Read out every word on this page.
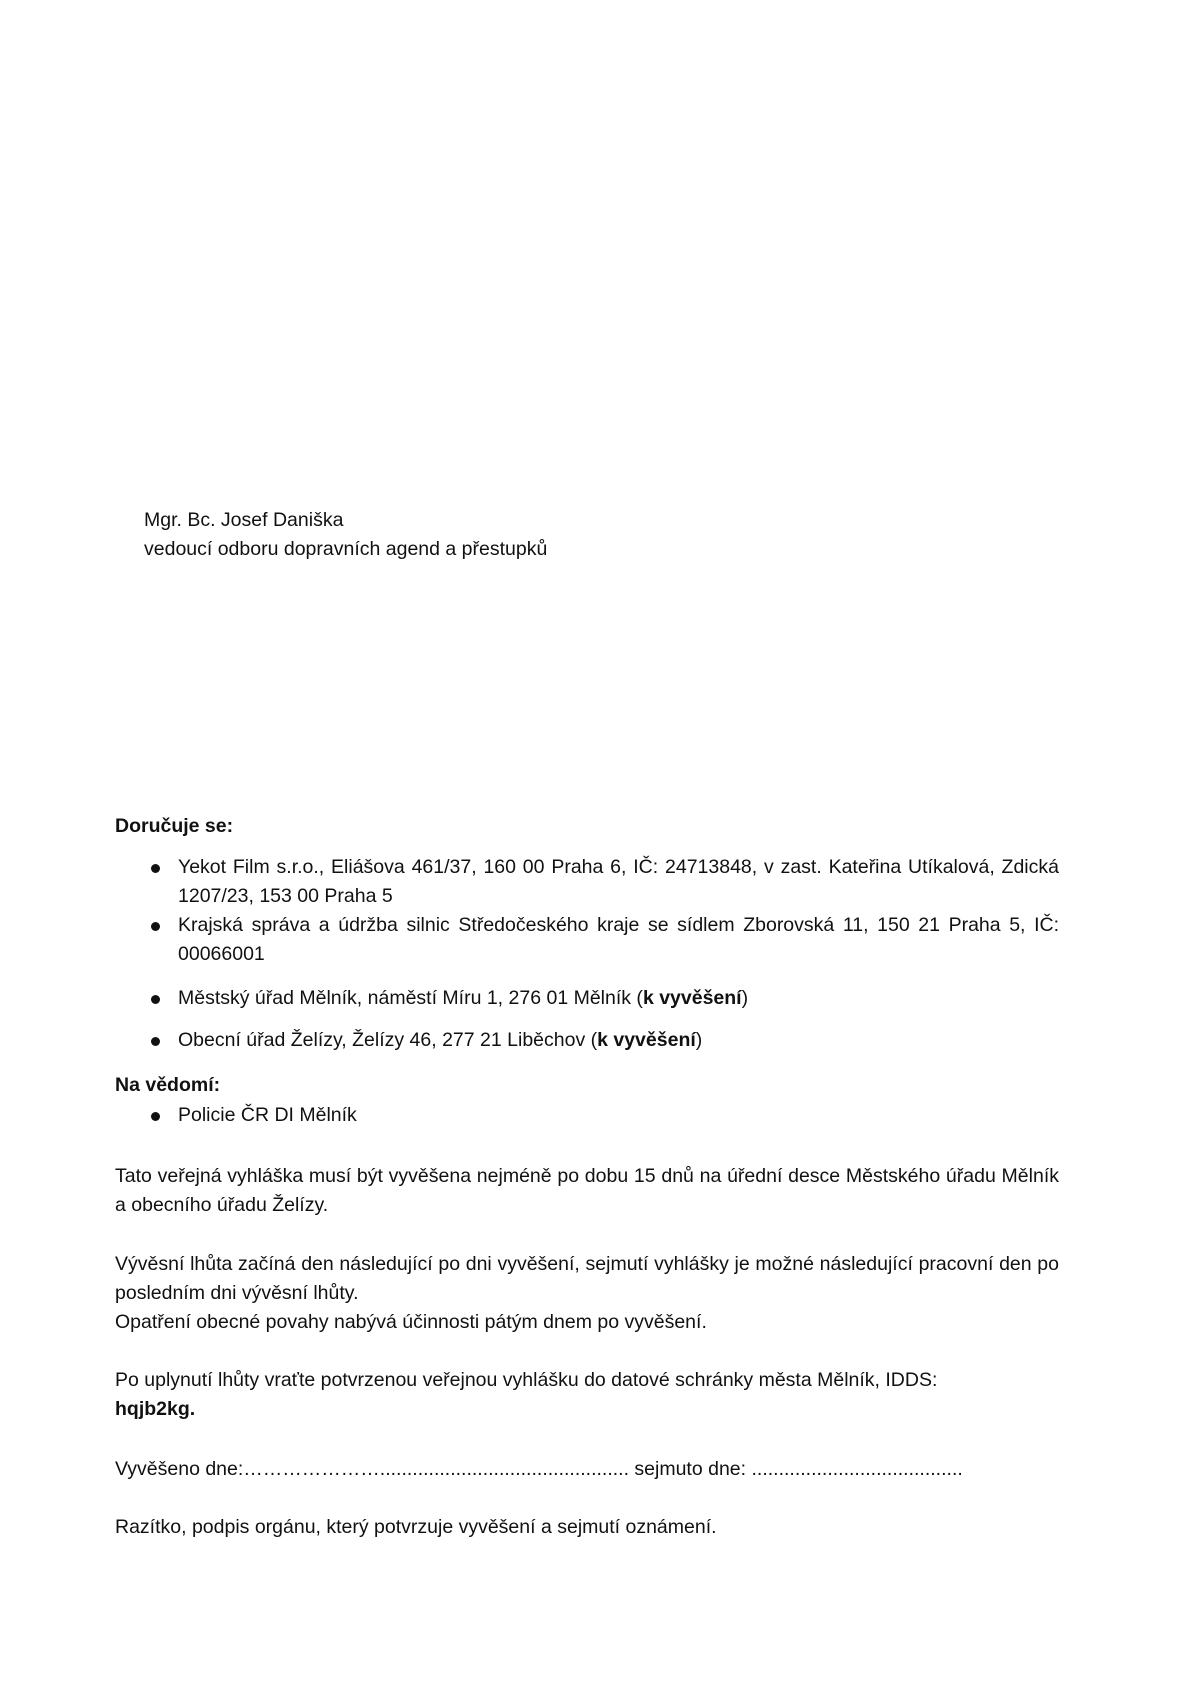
Mgr. Bc. Josef Daniška
vedoucí odboru dopravních agend a přestupků
Doručuje se:
Yekot Film s.r.o., Eliášova 461/37, 160 00 Praha 6, IČ: 24713848, v zast. Kateřina Utíkalová, Zdická 1207/23, 153 00 Praha 5
Krajská správa a údržba silnic Středočeského kraje se sídlem Zborovská 11, 150 21 Praha 5, IČ: 00066001
Městský úřad Mělník, náměstí Míru 1, 276 01 Mělník (k vyvěšení)
Obecní úřad Želízy, Želízy 46, 277 21 Liběchov (k vyvěšení)
Na vědomí:
Policie ČR DI Mělník
Tato veřejná vyhláška musí být vyvěšena nejméně po dobu 15 dnů na úřední desce Městského úřadu Mělník a obecního úřadu Želízy.
Vývěsní lhůta začíná den následující po dni vyvěšení, sejmutí vyhlášky je možné následující pracovní den po posledním dni vývěsní lhůty.
Opatření obecné povahy nabývá účinnosti pátým dnem po vyvěšení.
Po uplynutí lhůty vraťte potvrzenou veřejnou vyhlášku do datové schránky města Mělník, IDDS:
hqjb2kg.
Vyvěšeno dne:………………….............................................. sejmuto dne: .......................................
Razítko, podpis orgánu, který potvrzuje vyvěšení a sejmutí oznámení.
